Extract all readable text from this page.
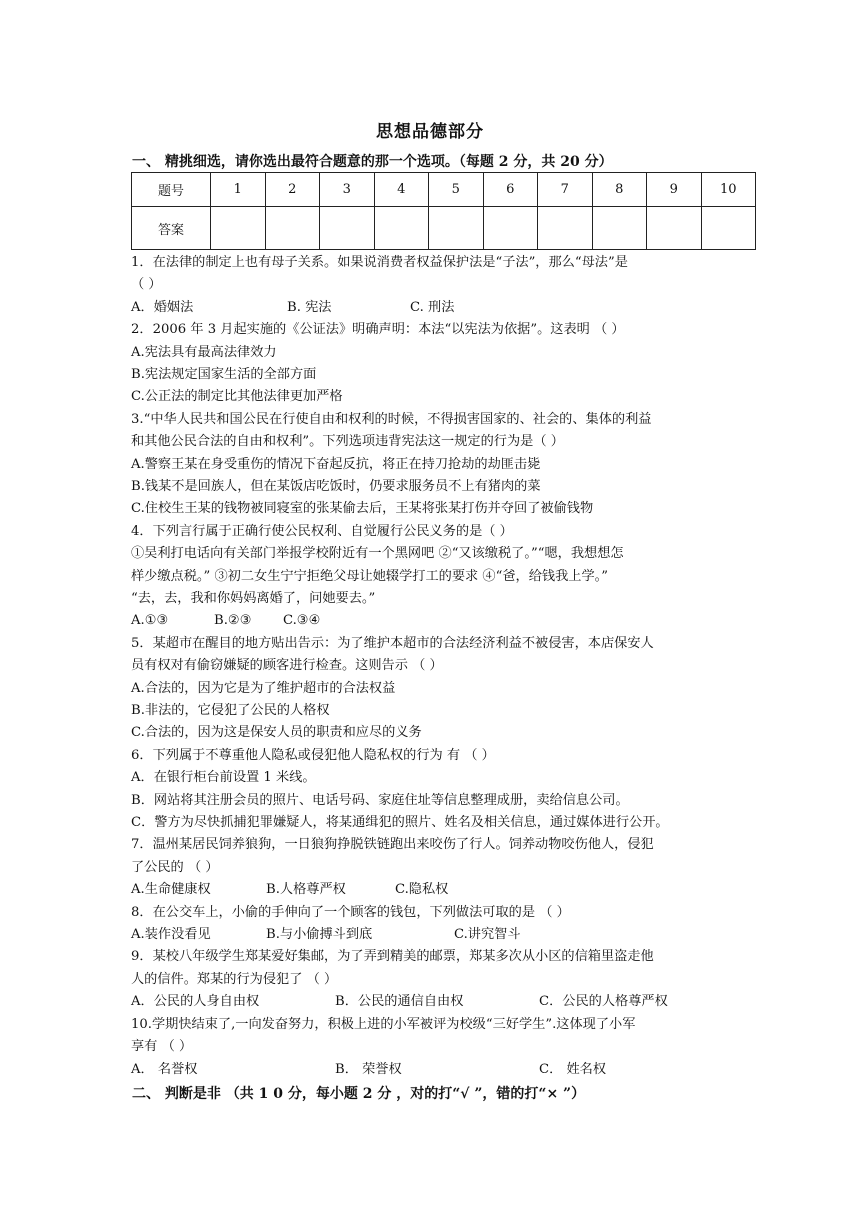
思想品德部分
一、 精挑细选，请你选出最符合题意的那一个选项。（每题 2 分，共 20 分）
题号	1	2	3	4	5	6	7	8	9	10
答案										
1．在法律的制定上也有母子关系。如果说消费者权益保护法是“子法”，那么“母法”是
（ ）
A．婚姻法	B. 宪法	C. 刑法
2．2006 年 3 月起实施的《公证法》明确声明：本法“以宪法为依据”。这表明 （ ）
A.宪法具有最高法律效力
B.宪法规定国家生活的全部方面
C.公正法的制定比其他法律更加严格
3.“中华人民共和国公民在行使自由和权利的时候，不得损害国家的、社会的、集体的利益
和其他公民合法的自由和权利”。下列选项违背宪法这一规定的行为是（ ）
A.警察王某在身受重伤的情况下奋起反抗，将正在持刀抢劫的劫匪击毙
B.钱某不是回族人，但在某饭店吃饭时，仍要求服务员不上有猪肉的菜
C.住校生王某的钱物被同寝室的张某偷去后，王某将张某打伤并夺回了被偷钱物
4．下列言行属于正确行使公民权利、自觉履行公民义务的是（ ）
①吴利打电话向有关部门举报学校附近有一个黑网吧 ②“又该缴税了。”“嗯，我想想怎
样少缴点税。” ③初二女生宁宁拒绝父母让她辍学打工的要求 ④“爸，给钱我上学。”
“去，去，我和你妈妈离婚了，问她要去。”
A.①③	B.②③ C.③④
5．某超市在醒目的地方贴出告示：为了维护本超市的合法经济利益不被侵害，本店保安人
员有权对有偷窃嫌疑的顾客进行检查。这则告示 （ ）
A.合法的，因为它是为了维护超市的合法权益
B.非法的，它侵犯了公民的人格权
C.合法的，因为这是保安人员的职责和应尽的义务
6．下列属于不尊重他人隐私或侵犯他人隐私权的行为 有 （ ）
A．在银行柜台前设置 1 米线。
B．网站将其注册会员的照片、电话号码、家庭住址等信息整理成册，卖给信息公司。
C．警方为尽快抓捕犯罪嫌疑人，将某通缉犯的照片、姓名及相关信息，通过媒体进行公开。
7．温州某居民饲养狼狗，一日狼狗挣脱铁链跑出来咬伤了行人。饲养动物咬伤他人，侵犯
了公民的 （ ）
A.生命健康权	B.人格尊严权	C.隐私权
8．在公交车上，小偷的手伸向了一个顾客的钱包，下列做法可取的是 （ ）
A.装作没看见	B.与小偷搏斗到底	C.讲究智斗
9．某校八年级学生郑某爱好集邮，为了弄到精美的邮票，郑某多次从小区的信箱里盗走他
人的信件。郑某的行为侵犯了 （ ）
A．公民的人身自由权	B．公民的通信自由权	C．公民的人格尊严权
10.学期快结束了,一向发奋努力，积极上进的小军被评为校级“三好学生”.这体现了小军
享有 （ ）
A． 名誉权	B． 荣誉权	C． 姓名权
二、 判断是非 （共 1 0 分，每小题 2 分 ，对的打“√ ”，错的打“× ”）
